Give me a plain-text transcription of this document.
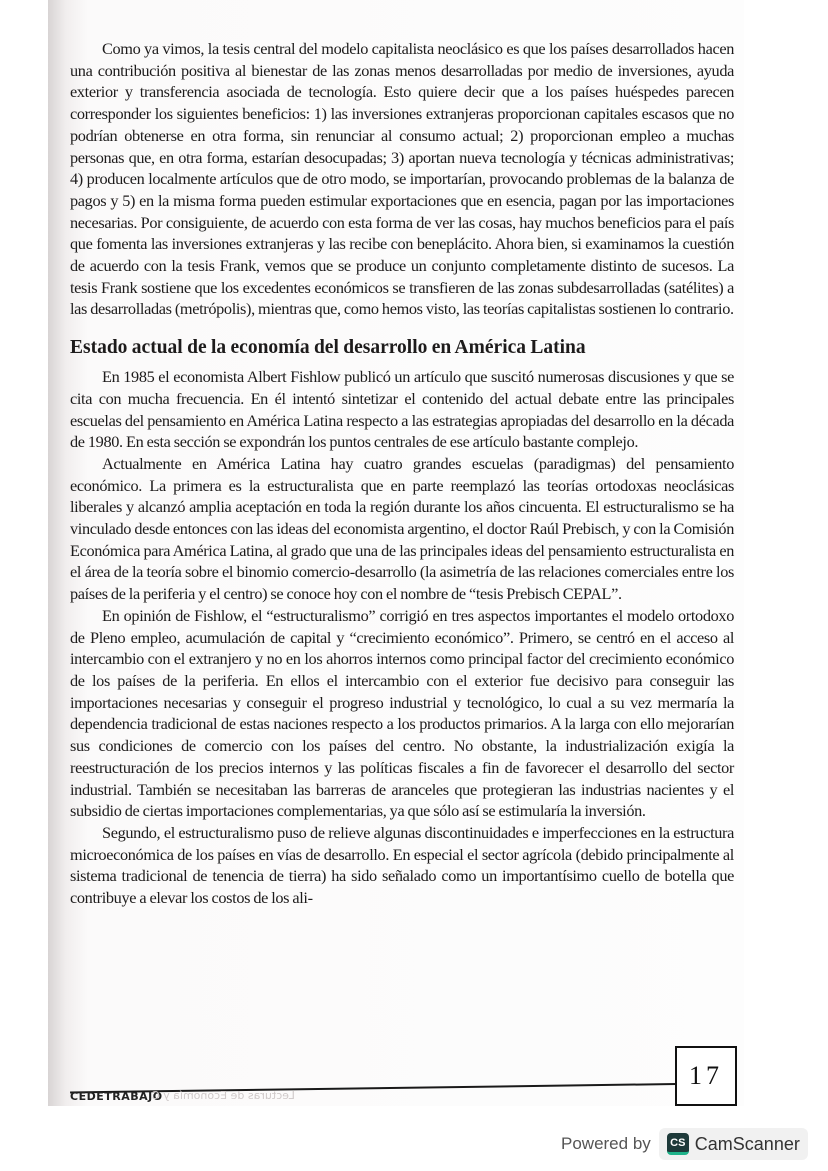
Como ya vimos, la tesis central del modelo capitalista neoclásico es que los países desarrollados hacen una contribución positiva al bienestar de las zonas menos desarrolladas por medio de inversiones, ayuda exterior y transferencia asociada de tecnología. Esto quiere decir que a los países huéspedes parecen corresponder los siguientes beneficios: 1) las inversiones extranjeras proporcionan capitales escasos que no podrían obtenerse en otra forma, sin renunciar al consumo actual; 2) proporcionan empleo a muchas personas que, en otra forma, estarían desocupadas; 3) aportan nueva tecnología y técnicas administrativas; 4) producen localmente artículos que de otro modo, se importarían, provocando problemas de la balanza de pagos y 5) en la misma forma pueden estimular exportaciones que en esencia, pagan por las importaciones necesarias. Por consiguiente, de acuerdo con esta forma de ver las cosas, hay muchos beneficios para el país que fomenta las inversiones extranjeras y las recibe con beneplácito. Ahora bien, si examinamos la cuestión de acuerdo con la tesis Frank, vemos que se produce un conjunto completamente distinto de sucesos. La tesis Frank sostiene que los excedentes económicos se transfieren de las zonas subdesarrolladas (satélites) a las desarrolladas (metrópolis), mientras que, como hemos visto, las teorías capitalistas sostienen lo contrario.

Estado actual de la economía del desarrollo en América Latina

En 1985 el economista Albert Fishlow publicó un artículo que suscitó numerosas discusiones y que se cita con mucha frecuencia. En él intentó sintetizar el contenido del actual debate entre las principales escuelas del pensamiento en América Latina respecto a las estrategias apropiadas del desarrollo en la década de 1980. En esta sección se expondrán los puntos centrales de ese artículo bastante complejo.

Actualmente en América Latina hay cuatro grandes escuelas (paradigmas) del pensamiento económico. La primera es la estructuralista que en parte reemplazó las teorías ortodoxas neoclásicas liberales y alcanzó amplia aceptación en toda la región durante los años cincuenta. El estructuralismo se ha vinculado desde entonces con las ideas del economista argentino, el doctor Raúl Prebisch, y con la Comisión Económica para América Latina, al grado que una de las principales ideas del pensamiento estructuralista en el área de la teoría sobre el binomio comercio-desarrollo (la asimetría de las relaciones comerciales entre los países de la periferia y el centro) se conoce hoy con el nombre de “tesis Prebisch CEPAL”.

En opinión de Fishlow, el “estructuralismo” corrigió en tres aspectos importantes el modelo ortodoxo de Pleno empleo, acumulación de capital y “crecimiento económico”. Primero, se centró en el acceso al intercambio con el extranjero y no en los ahorros internos como principal factor del crecimiento económico de los países de la periferia. En ellos el intercambio con el exterior fue decisivo para conseguir las importaciones necesarias y conseguir el progreso industrial y tecnológico, lo cual a su vez mermaría la dependencia tradicional de estas naciones respecto a los productos primarios. A la larga con ello mejorarían sus condiciones de comercio con los países del centro. No obstante, la industrialización exigía la reestructuración de los precios internos y las políticas fiscales a fin de favorecer el desarrollo del sector industrial. También se necesitaban las barreras de aranceles que protegieran las industrias nacientes y el subsidio de ciertas importaciones complementarias, ya que sólo así se estimularía la inversión.

Segundo, el estructuralismo puso de relieve algunas discontinuidades e imperfecciones en la estructura microeconómica de los países en vías de desarrollo. En especial el sector agrícola (debido principalmente al sistema tradicional de tenencia de tierra) ha sido señalado como un importantísimo cuello de botella que contribuye a elevar los costos de los ali-

17
CEDETRABAJO
Lecturas de Economía y C
Powered by	CS CamScanner
